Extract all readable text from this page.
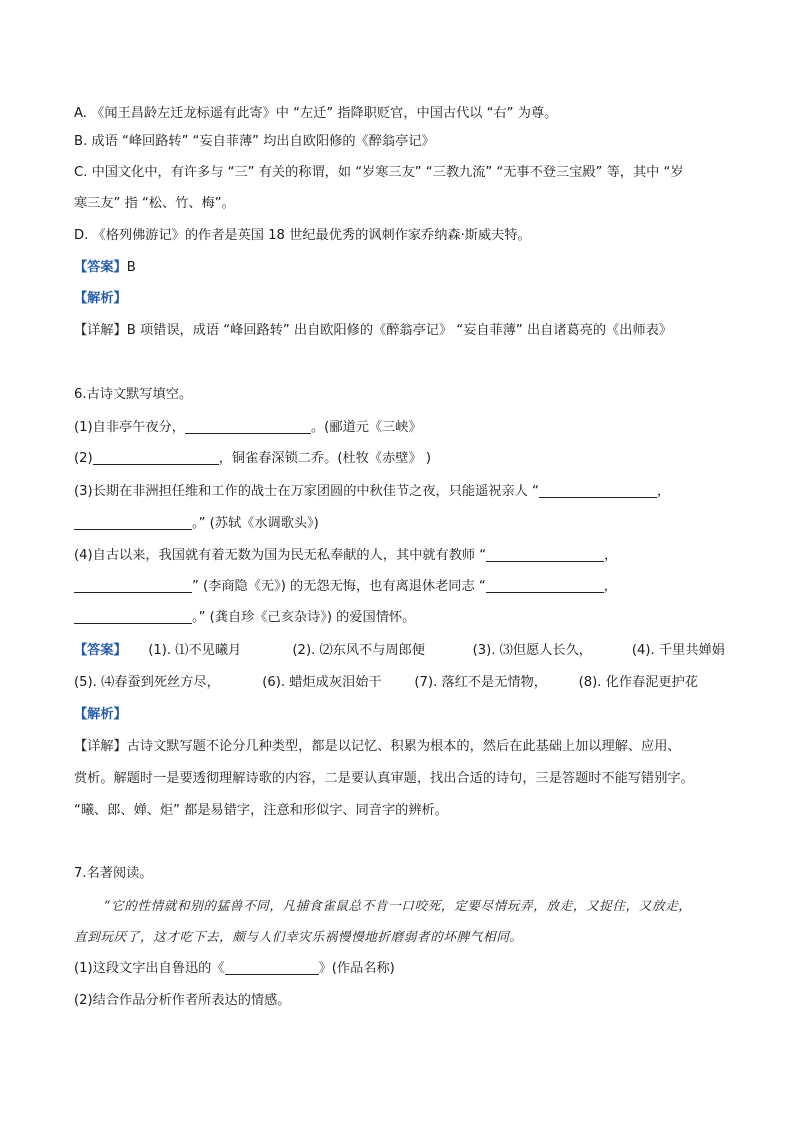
A. 《闻王昌龄左迁龙标遥有此寄》中 “左迁” 指降职贬官，中国古代以 “右” 为尊。
B. 成语 “峰回路转” “妄自菲薄” 均出自欧阳修的《醉翁亭记》
C. 中国文化中，有许多与 “三” 有关的称谓，如 “岁寒三友” “三教九流” “无事不登三宝殿” 等，其中 “岁
寒三友” 指 “松、竹、梅”。
D. 《格列佛游记》的作者是英国 18 世纪最优秀的讽刺作家乔纳森·斯威夫特。
【答案】B
【解析】
【详解】B 项错误，成语 “峰回路转” 出自欧阳修的《醉翁亭记》 “妄自菲薄” 出自诸葛亮的《出师表》
6.古诗文默写填空。
(1)自非亭午夜分，	。(郦道元《三峡》
(2)	，铜雀春深锁二乔。(杜牧《赤壁》 )
(3)长期在非洲担任维和工作的战士在万家团圆的中秋佳节之夜，只能遥祝亲人 “	，
。” (苏轼《水调歌头》)
(4)自古以来，我国就有着无数为国为民无私奉献的人，其中就有教师 “	，
” (李商隐《无》) 的无怨无悔，也有离退休老同志 “	，
。” (龚自珍《己亥杂诗》) 的爱国情怀。
【答案】 (1). ⑴不见曦月	(2). ⑵东风不与周郎便	(3). ⑶但愿人长久，	(4). 千里共婵娟
(5). ⑷春蚕到死丝方尽，	(6). 蜡炬成灰泪始干 (7). 落红不是无情物， (8). 化作春泥更护花
【解析】
【详解】古诗文默写题不论分几种类型，都是以记忆、积累为根本的，然后在此基础上加以理解、应用、
赏析。解题时一是要透彻理解诗歌的内容，二是要认真审题，找出合适的诗句，三是答题时不能写错别字。
“曦、郎、婵、炬” 都是易错字，注意和形似字、同音字的辨析。
7.名著阅读。
“它的性情就和别的猛兽不同，凡捕食雀鼠总不肯一口咬死，定要尽情玩弄，放走，又捉住，又放走，
直到玩厌了，这才吃下去，颇与人们幸灾乐祸慢慢地折磨弱者的坏脾气相同。
(1)这段文字出自鲁迅的《	》(作品名称)
(2)结合作品分析作者所表达的情感。
